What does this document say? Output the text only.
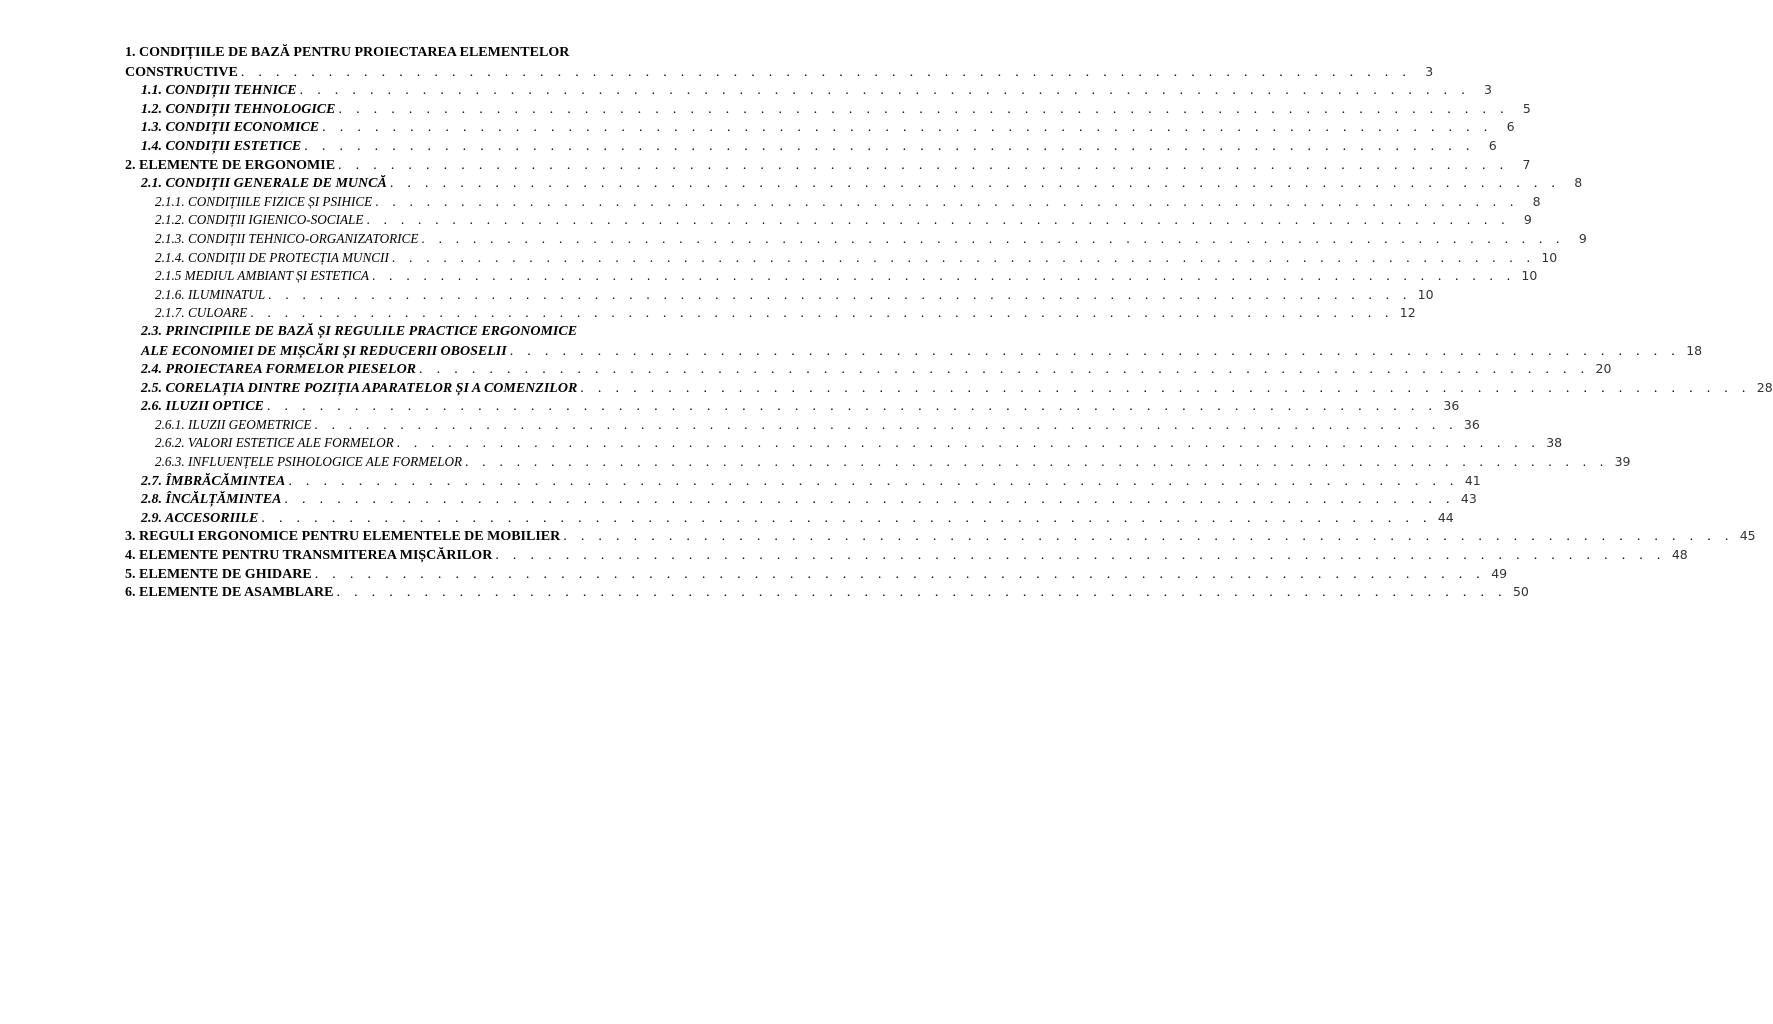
1. CONDIȚIILE DE BAZĂ PENTRU PROIECTAREA ELEMENTELOR
CONSTRUCTIVE . . . . . . . . . . . . . . . . . . . . . . . . . . . . . . . . . . . . . . . . . . . . . . . . . . . . . . . . . . . . . . . . . . .	3
1.1. CONDIȚII TEHNICE . . . . . . . . . . . . . . . . . . . . . . . . . . . . . . . . . . . . . . . . . . . . . . . . . . . . . . . . . . . . . . . . . . .	3
1.2. CONDIȚII TEHNOLOGICE . . . . . . . . . . . . . . . . . . . . . . . . . . . . . . . . . . . . . . . . . . . . . . . . . . . . . . . . . . . . . . . . . . .	5
1.3. CONDIȚII ECONOMICE . . . . . . . . . . . . . . . . . . . . . . . . . . . . . . . . . . . . . . . . . . . . . . . . . . . . . . . . . . . . . . . . . . .	6
1.4. CONDIȚII ESTETICE . . . . . . . . . . . . . . . . . . . . . . . . . . . . . . . . . . . . . . . . . . . . . . . . . . . . . . . . . . . . . . . . . . .	6
2. ELEMENTE DE ERGONOMIE . . . . . . . . . . . . . . . . . . . . . . . . . . . . . . . . . . . . . . . . . . . . . . . . . . . . . . . . . . . . . . . . . . .	7
2.1. CONDIȚII GENERALE DE MUNCĂ . . . . . . . . . . . . . . . . . . . . . . . . . . . . . . . . . . . . . . . . . . . . . . . . . . . . . . . . . . . . . . . . . . .	8
2.1.1. CONDIȚIILE FIZICE ȘI PSIHICE . . . . . . . . . . . . . . . . . . . . . . . . . . . . . . . . . . . . . . . . . . . . . . . . . . . . . . . . . . . . . . . . . . .	8
2.1.2. CONDIȚII IGIENICO-SOCIALE . . . . . . . . . . . . . . . . . . . . . . . . . . . . . . . . . . . . . . . . . . . . . . . . . . . . . . . . . . . . . . . . . . .	9
2.1.3. CONDIȚII TEHNICO-ORGANIZATORICE . . . . . . . . . . . . . . . . . . . . . . . . . . . . . . . . . . . . . . . . . . . . . . . . . . . . . . . . . . . . . . . . . . .	9
2.1.4. CONDIȚII DE PROTECȚIA MUNCII . . . . . . . . . . . . . . . . . . . . . . . . . . . . . . . . . . . . . . . . . . . . . . . . . . . . . . . . . . . . . . . . . . . 10
2.1.5 MEDIUL AMBIANT ȘI ESTETICA . . . . . . . . . . . . . . . . . . . . . . . . . . . . . . . . . . . . . . . . . . . . . . . . . . . . . . . . . . . . . . . . . . . 10
2.1.6. ILUMINATUL . . . . . . . . . . . . . . . . . . . . . . . . . . . . . . . . . . . . . . . . . . . . . . . . . . . . . . . . . . . . . . . . . . . 10
2.1.7. CULOARE . . . . . . . . . . . . . . . . . . . . . . . . . . . . . . . . . . . . . . . . . . . . . . . . . . . . . . . . . . . . . . . . . . . 12
2.3. PRINCIPIILE DE BAZĂ ȘI REGULILE PRACTICE ERGONOMICE
ALE ECONOMIEI DE MIȘCĂRI ȘI REDUCERII OBOSELII . . . . . . . . . . . . . . . . . . . . . . . . . . . . . . . . . . . . . . . . . . . . . . . . . . . . . . . . . . . . . . . . . . . 18
2.4. PROIECTAREA FORMELOR PIESELOR . . . . . . . . . . . . . . . . . . . . . . . . . . . . . . . . . . . . . . . . . . . . . . . . . . . . . . . . . . . . . . . . . . . 20
2.5. CORELAȚIA DINTRE POZIȚIA APARATELOR ȘI A COMENZILOR . . . . . . . . . . . . . . . . . . . . . . . . . . . . . . . . . . . . . . . . . . . . . . . . . . . . . . . . . . . . . . . . . . . 28
2.6. ILUZII OPTICE . . . . . . . . . . . . . . . . . . . . . . . . . . . . . . . . . . . . . . . . . . . . . . . . . . . . . . . . . . . . . . . . . . . 36
2.6.1. ILUZII GEOMETRICE . . . . . . . . . . . . . . . . . . . . . . . . . . . . . . . . . . . . . . . . . . . . . . . . . . . . . . . . . . . . . . . . . . . 36
2.6.2. VALORI ESTETICE ALE FORMELOR . . . . . . . . . . . . . . . . . . . . . . . . . . . . . . . . . . . . . . . . . . . . . . . . . . . . . . . . . . . . . . . . . . . 38
2.6.3. INFLUENȚELE PSIHOLOGICE ALE FORMELOR . . . . . . . . . . . . . . . . . . . . . . . . . . . . . . . . . . . . . . . . . . . . . . . . . . . . . . . . . . . . . . . . . . . 39
2.7. ÎMBRĂCĂMINTEA . . . . . . . . . . . . . . . . . . . . . . . . . . . . . . . . . . . . . . . . . . . . . . . . . . . . . . . . . . . . . . . . . . . 41
2.8. ÎNCĂLȚĂMINTEA . . . . . . . . . . . . . . . . . . . . . . . . . . . . . . . . . . . . . . . . . . . . . . . . . . . . . . . . . . . . . . . . . . . 43
2.9. ACCESORIILE . . . . . . . . . . . . . . . . . . . . . . . . . . . . . . . . . . . . . . . . . . . . . . . . . . . . . . . . . . . . . . . . . . . 44
3. REGULI ERGONOMICE PENTRU ELEMENTELE DE MOBILIER . . . . . . . . . . . . . . . . . . . . . . . . . . . . . . . . . . . . . . . . . . . . . . . . . . . . . . . . . . . . . . . . . . . 45
4. ELEMENTE PENTRU TRANSMITEREA MIȘCĂRILOR . . . . . . . . . . . . . . . . . . . . . . . . . . . . . . . . . . . . . . . . . . . . . . . . . . . . . . . . . . . . . . . . . . . 48
5. ELEMENTE DE GHIDARE . . . . . . . . . . . . . . . . . . . . . . . . . . . . . . . . . . . . . . . . . . . . . . . . . . . . . . . . . . . . . . . . . . . 49
6. ELEMENTE DE ASAMBLARE . . . . . . . . . . . . . . . . . . . . . . . . . . . . . . . . . . . . . . . . . . . . . . . . . . . . . . . . . . . . . . . . . . . 50
